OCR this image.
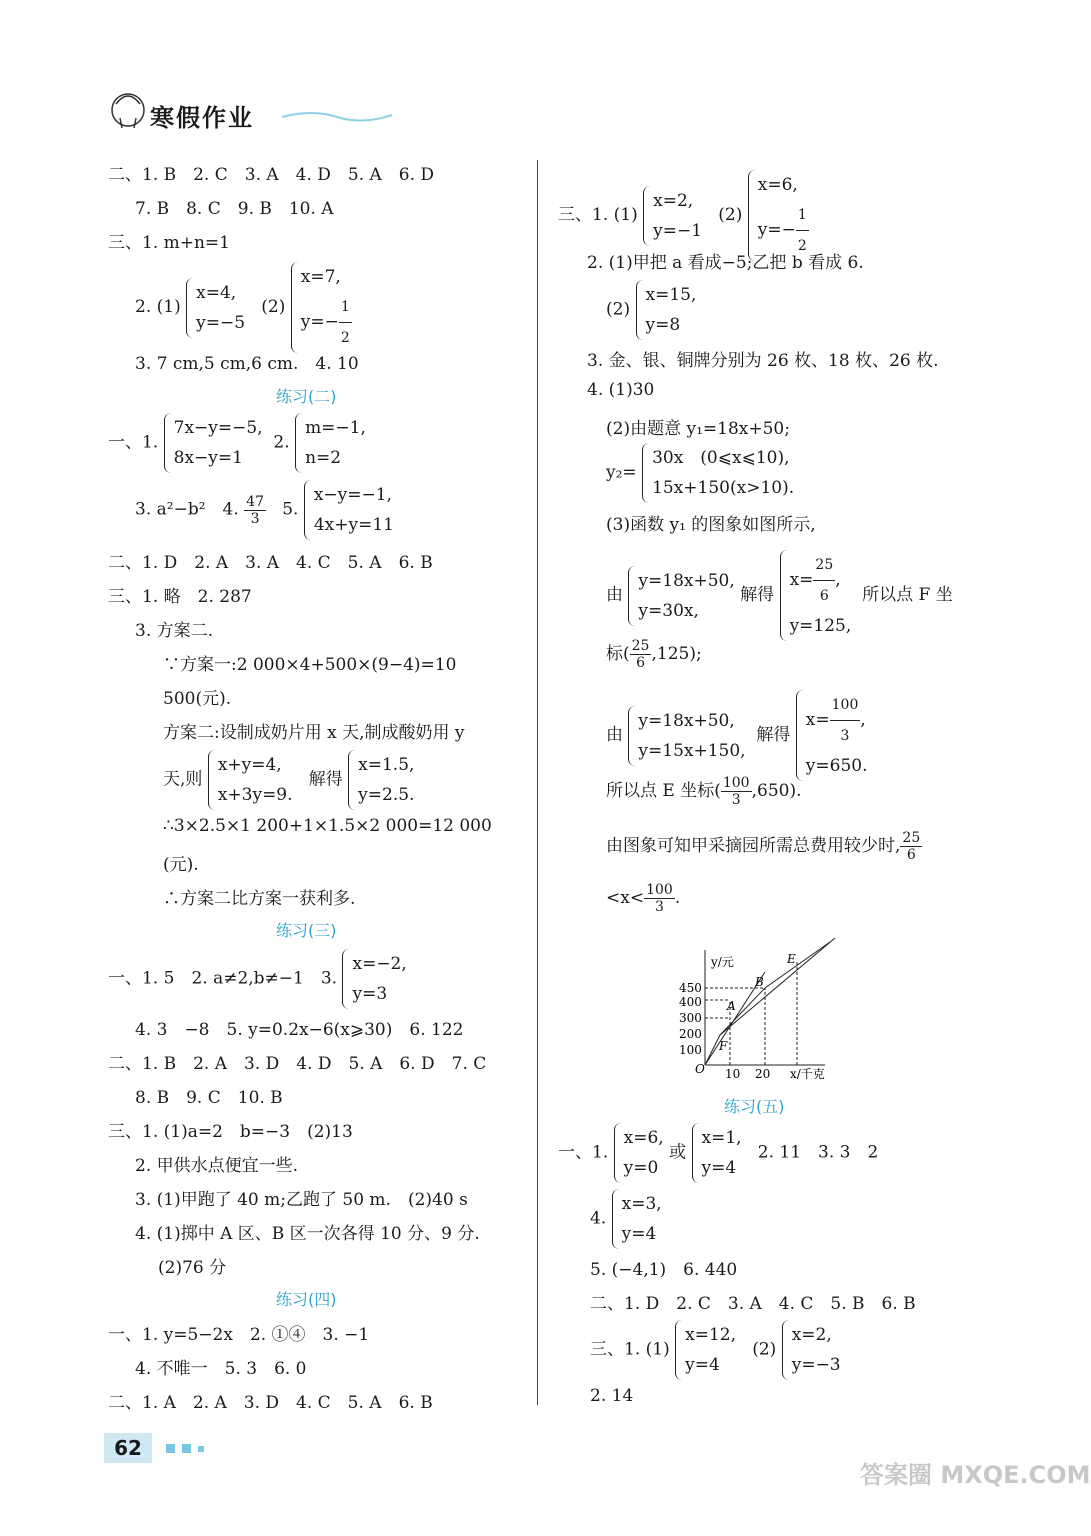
寒假作业
二、1. B　2. C　3. A　4. D　5. A　6. D
7. B　8. C　9. B　10. A
三、1. m+n=1
2. (1)
x=4,
y=−5
(2)
x=7,
$y=- \frac{1}{2}$
3. 7 cm,5 cm,6 cm.　4. 10
练习(二)
一、1.
7x−y=−5,
8x−y=1
2.
m=−1,
n=2
3. a²−b²　4. $\frac{47}{3} 5$.
x−y=−1,
4x+y=11
二、1. D　2. A　3. A　4. C　5. A　6. B
三、1. 略　2. 287
3. 方案二.
∵方案一:2 000×4+500×(9−4)=10
500(元).
方案二:设制成奶片用 x 天,制成酸奶用 y
天,则
x+y=4,
x+3y=9.
解得
x=1.5,
y=2.5.
∴3×2.5×1 200+1×1.5×2 000=12 000
(元).
∴方案二比方案一获利多.
练习(三)
一、1. 5　2. a≠2,b≠−1　3.
x=−2,
y=3
4. 3　−8　5. y=0.2x−6(x⩾30)　6. 122
二、1. B　2. A　3. D　4. D　5. A　6. D　7. C
8. B　9. C　10. B
三、1. (1)a=2　b=−3　(2)13
2. 甲供水点便宜一些.
3. (1)甲跑了 40 m;乙跑了 50 m.　(2)40 s
4. (1)掷中 A 区、B 区一次各得 10 分、9 分.
(2)76 分
练习(四)
一、1. y=5−2x　2. ①④　3. −1
4. 不唯一　5. 3　6. 0
二、1. A　2. A　3. D　4. C　5. A　6. B
三、1. (1)
x=2,
y=−1
(2)
x=6,
$y=- \frac{1}{2}$
2. (1)甲把 a 看成−5;乙把 b 看成 6.
(2)
x=15,
y=8
3. 金、银、铜牌分别为 26 枚、18 枚、26 枚.
4. (1)30
(2)由题意 y₁=18x+50;
y₂=
30x　(0⩽x⩽10),
15x+150(x>10).
(3)函数 y₁ 的图象如图所示,
由
y=18x+50,
y=30x,
解得
$x= \frac{25}{6}$ ,
y=125,
所以点 F 坐
标( $\frac{25}{6} ,125$);
由
y=18x+50,
y=15x+150,
解得
$x= \frac{100}{3}$ ,
y=650.
所以点 E 坐标( $\frac{100}{3} ,650$).
由图象可知甲采摘园所需总费用较少时, $\frac{25}{6}$
$<x< \frac{100}{3}$ .
y/元
x/千克
450
400
300
200
100
10 20
O
A
B
E
F
练习(五)
一、1.
x=6,
y=0
或
x=1,
y=4
2. 11　3. 3　2
4.
x=3,
y=4
5. (−4,1)　6. 440
二、1. D　2. C　3. A　4. C　5. B　6. B
三、1. (1)
x=12,
y=4
(2)
x=2,
y=−3
2. 14
62
答案圈 MXQE.COM
